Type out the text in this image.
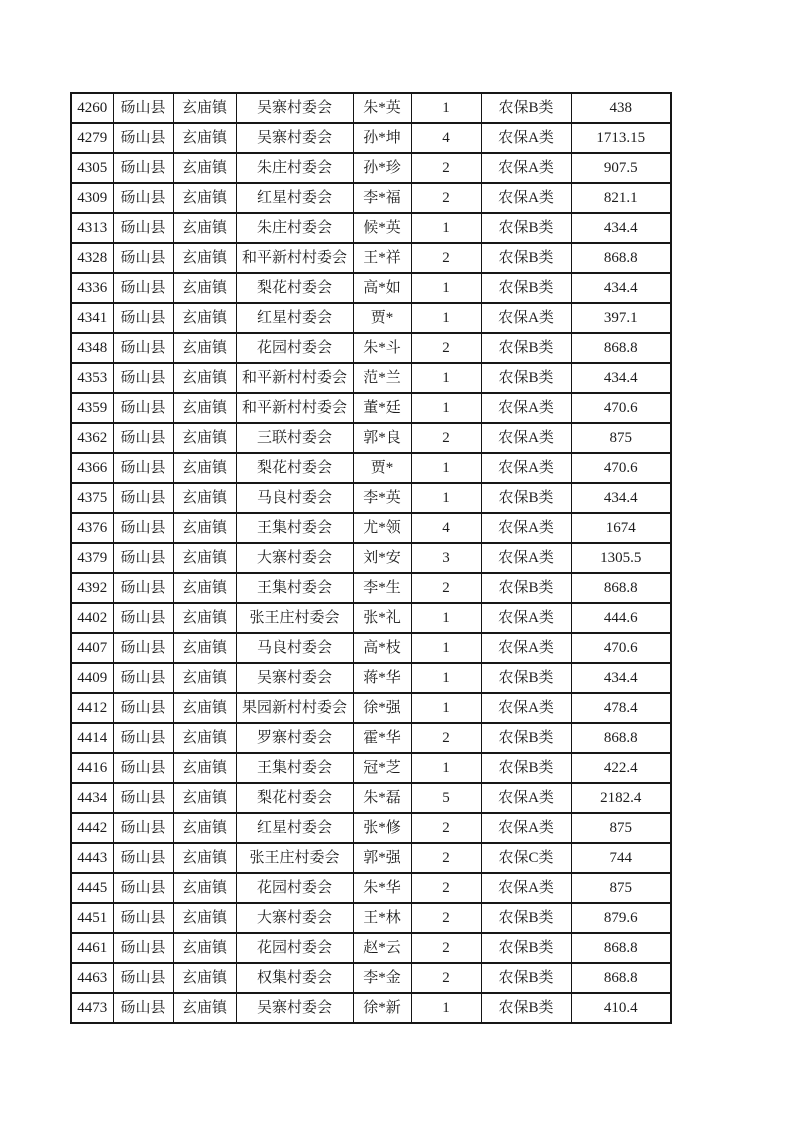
4260	砀山县	玄庙镇	吴寨村委会	朱*英	1	农保B类	438
4279	砀山县	玄庙镇	吴寨村委会	孙*坤	4	农保A类	1713.15
4305	砀山县	玄庙镇	朱庄村委会	孙*珍	2	农保A类	907.5
4309	砀山县	玄庙镇	红星村委会	李*福	2	农保A类	821.1
4313	砀山县	玄庙镇	朱庄村委会	候*英	1	农保B类	434.4
4328	砀山县	玄庙镇	和平新村村委会	王*祥	2	农保B类	868.8
4336	砀山县	玄庙镇	梨花村委会	高*如	1	农保B类	434.4
4341	砀山县	玄庙镇	红星村委会	贾*	1	农保A类	397.1
4348	砀山县	玄庙镇	花园村委会	朱*斗	2	农保B类	868.8
4353	砀山县	玄庙镇	和平新村村委会	范*兰	1	农保B类	434.4
4359	砀山县	玄庙镇	和平新村村委会	董*廷	1	农保A类	470.6
4362	砀山县	玄庙镇	三联村委会	郭*良	2	农保A类	875
4366	砀山县	玄庙镇	梨花村委会	贾*	1	农保A类	470.6
4375	砀山县	玄庙镇	马良村委会	李*英	1	农保B类	434.4
4376	砀山县	玄庙镇	王集村委会	尤*领	4	农保A类	1674
4379	砀山县	玄庙镇	大寨村委会	刘*安	3	农保A类	1305.5
4392	砀山县	玄庙镇	王集村委会	李*生	2	农保B类	868.8
4402	砀山县	玄庙镇	张王庄村委会	张*礼	1	农保A类	444.6
4407	砀山县	玄庙镇	马良村委会	高*枝	1	农保A类	470.6
4409	砀山县	玄庙镇	吴寨村委会	蒋*华	1	农保B类	434.4
4412	砀山县	玄庙镇	果园新村村委会	徐*强	1	农保A类	478.4
4414	砀山县	玄庙镇	罗寨村委会	霍*华	2	农保B类	868.8
4416	砀山县	玄庙镇	王集村委会	冠*芝	1	农保B类	422.4
4434	砀山县	玄庙镇	梨花村委会	朱*磊	5	农保A类	2182.4
4442	砀山县	玄庙镇	红星村委会	张*修	2	农保A类	875
4443	砀山县	玄庙镇	张王庄村委会	郭*强	2	农保C类	744
4445	砀山县	玄庙镇	花园村委会	朱*华	2	农保A类	875
4451	砀山县	玄庙镇	大寨村委会	王*林	2	农保B类	879.6
4461	砀山县	玄庙镇	花园村委会	赵*云	2	农保B类	868.8
4463	砀山县	玄庙镇	权集村委会	李*金	2	农保B类	868.8
4473	砀山县	玄庙镇	吴寨村委会	徐*新	1	农保B类	410.4
